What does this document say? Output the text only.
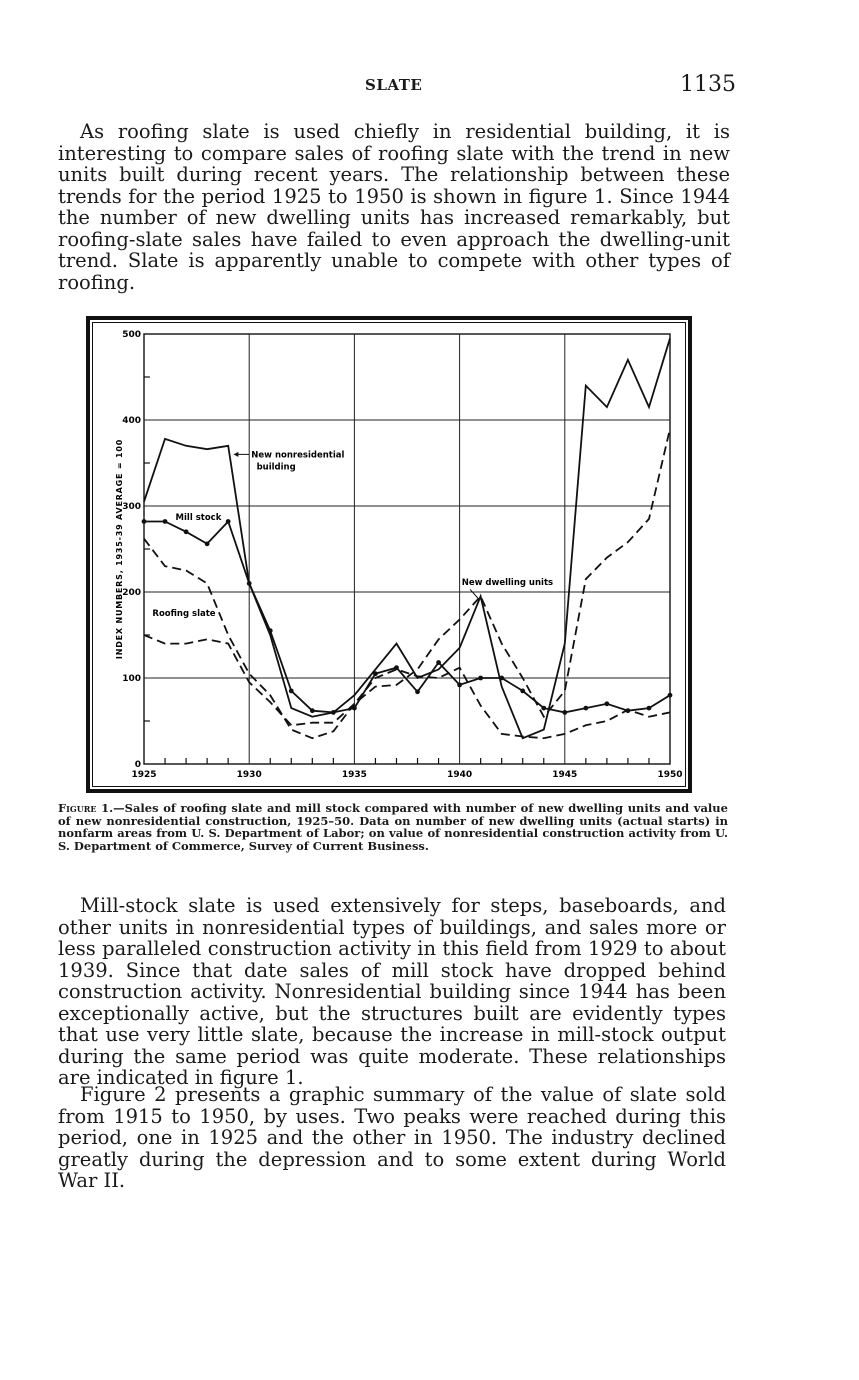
SLATE	1135

As roofing slate is used chiefly in residential building, it is interesting to compare sales of roofing slate with the trend in new units built during recent years. The relationship between these trends for the period 1925 to 1950 is shown in figure 1. Since 1944 the number of new dwelling units has increased remarkably, but roofing-slate sales have failed to even approach the dwelling-unit trend. Slate is apparently unable to compete with other types of roofing.

0
100
200
300
400
500
1925	1930	1935	1940	1945	1950
INDEX NUMBERS, 1935-39 AVERAGE = 100	New nonresidential
building
Mill stock
New dwelling units
Roofing slate

Figure 1.—Sales of roofing slate and mill stock compared with number of new dwelling units and value of new nonresidential construction, 1925–50. Data on number of new dwelling units (actual starts) in nonfarm areas from U. S. Department of Labor; on value of nonresidential construction activity from U. S. Department of Commerce, Survey of Current Business.

Mill-stock slate is used extensively for steps, baseboards, and other units in nonresidential types of buildings, and sales more or less paralleled construction activity in this field from 1929 to about 1939. Since that date sales of mill stock have dropped behind construction activity. Nonresidential building since 1944 has been exceptionally active, but the structures built are evidently types that use very little slate, because the increase in mill-stock output during the same period was quite moderate. These relationships are indicated in figure 1.

Figure 2 presents a graphic summary of the value of slate sold from 1915 to 1950, by uses. Two peaks were reached during this period, one in 1925 and the other in 1950. The industry declined greatly during the depression and to some extent during World War II.
